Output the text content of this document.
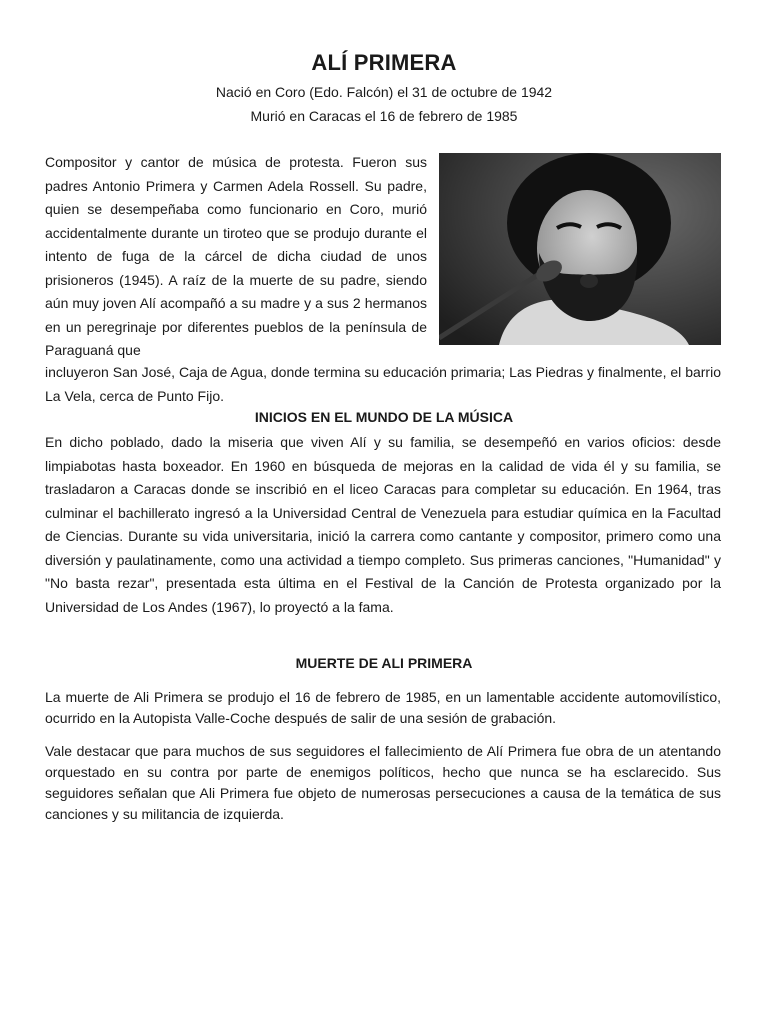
ALÍ PRIMERA

Nació en Coro (Edo. Falcón) el 31 de octubre de 1942

Murió en Caracas el 16 de febrero de 1985

Compositor y cantor de música de protesta. Fueron sus padres Antonio Primera y Carmen Adela Rossell. Su padre, quien se desempeñaba como funcionario en Coro, murió accidentalmente durante un tiroteo que se produjo durante el intento de fuga de la cárcel de dicha ciudad de unos prisioneros (1945). A raíz de la muerte de su padre, siendo aún muy joven Alí acompañó a su madre y a sus 2 hermanos en un peregrinaje por diferentes pueblos de la península de Paraguaná que

incluyeron San José, Caja de Agua, donde termina su educación primaria; Las Piedras y finalmente, el barrio La Vela, cerca de Punto Fijo.

INICIOS EN EL MUNDO DE LA MÚSICA

En dicho poblado, dado la miseria que viven Alí y su familia, se desempeñó en varios oficios: desde limpiabotas hasta boxeador. En 1960 en búsqueda de mejoras en la calidad de vida él y su familia, se trasladaron a Caracas donde se inscribió en el liceo Caracas para completar su educación. En 1964, tras culminar el bachillerato ingresó a la Universidad Central de Venezuela para estudiar química en la Facultad de Ciencias. Durante su vida universitaria, inició la carrera como cantante y compositor, primero como una diversión y paulatinamente, como una actividad a tiempo completo. Sus primeras canciones, "Humanidad" y "No basta rezar", presentada esta última en el Festival de la Canción de Protesta organizado por la Universidad de Los Andes (1967), lo proyectó a la fama.

MUERTE DE ALI PRIMERA

La muerte de Ali Primera se produjo el 16 de febrero de 1985, en un lamentable accidente automovilístico, ocurrido en la Autopista Valle-Coche después de salir de una sesión de grabación.

Vale destacar que para muchos de sus seguidores el fallecimiento de Alí Primera fue obra de un atentando orquestado en su contra por parte de enemigos políticos, hecho que nunca se ha esclarecido. Sus seguidores señalan que Ali Primera fue objeto de numerosas persecuciones a causa de la temática de sus canciones y su militancia de izquierda.
